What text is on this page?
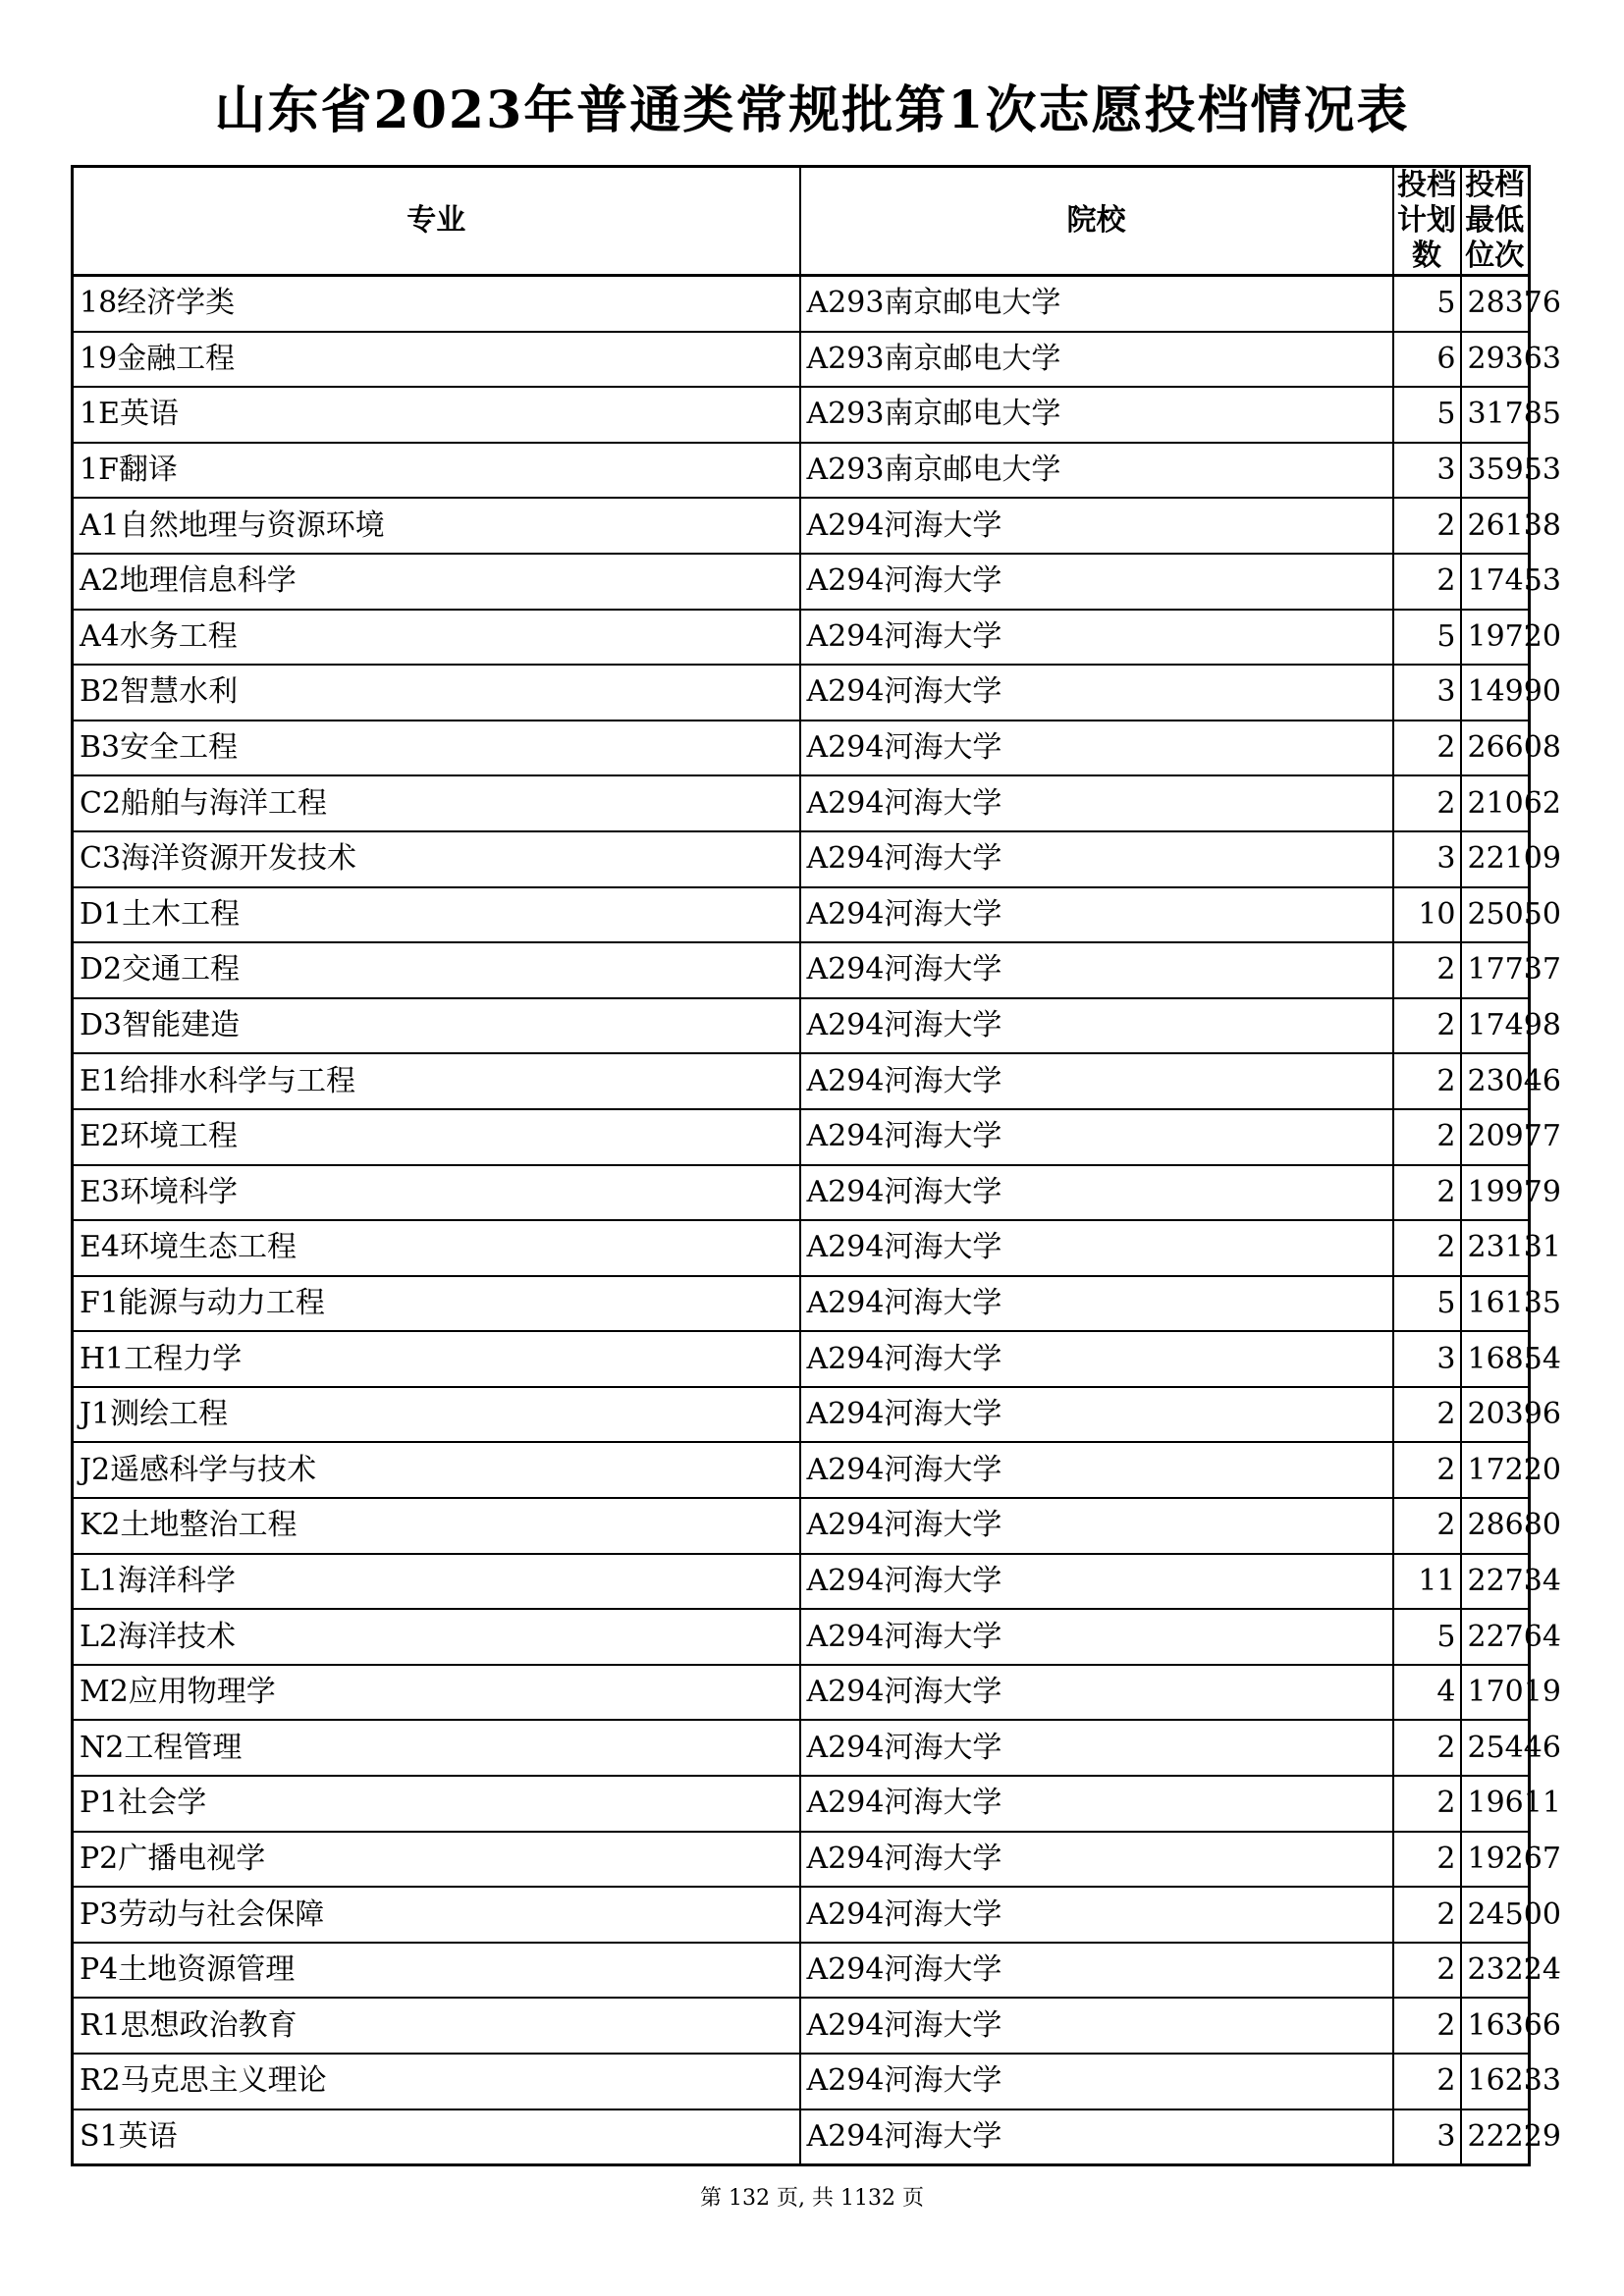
山东省2023年普通类常规批第1次志愿投档情况表
专业	院校	投档计划数	投档最低位次
18经济学类	A293南京邮电大学	5	28376
19金融工程	A293南京邮电大学	6	29363
1E英语	A293南京邮电大学	5	31785
1F翻译	A293南京邮电大学	3	35953
A1自然地理与资源环境	A294河海大学	2	26138
A2地理信息科学	A294河海大学	2	17453
A4水务工程	A294河海大学	5	19720
B2智慧水利	A294河海大学	3	14990
B3安全工程	A294河海大学	2	26608
C2船舶与海洋工程	A294河海大学	2	21062
C3海洋资源开发技术	A294河海大学	3	22109
D1土木工程	A294河海大学	10	25050
D2交通工程	A294河海大学	2	17737
D3智能建造	A294河海大学	2	17498
E1给排水科学与工程	A294河海大学	2	23046
E2环境工程	A294河海大学	2	20977
E3环境科学	A294河海大学	2	19979
E4环境生态工程	A294河海大学	2	23131
F1能源与动力工程	A294河海大学	5	16135
H1工程力学	A294河海大学	3	16854
J1测绘工程	A294河海大学	2	20396
J2遥感科学与技术	A294河海大学	2	17220
K2土地整治工程	A294河海大学	2	28680
L1海洋科学	A294河海大学	11	22734
L2海洋技术	A294河海大学	5	22764
M2应用物理学	A294河海大学	4	17019
N2工程管理	A294河海大学	2	25446
P1社会学	A294河海大学	2	19611
P2广播电视学	A294河海大学	2	19267
P3劳动与社会保障	A294河海大学	2	24500
P4土地资源管理	A294河海大学	2	23224
R1思想政治教育	A294河海大学	2	16366
R2马克思主义理论	A294河海大学	2	16233
S1英语	A294河海大学	3	22229
第 132 页, 共 1132 页
